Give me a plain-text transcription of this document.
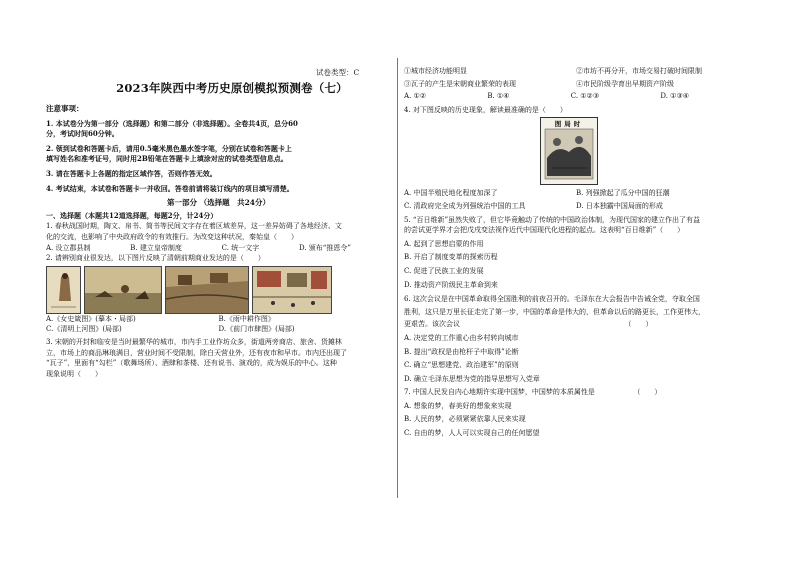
试卷类型：C
2023年陕西中考历史原创模拟预测卷（七）

注意事项：

1. 本试卷分为第一部分（选择题）和第二部分（非选择题）。全卷共4页，总分60

分，考试时间60分钟。

2. 领到试卷和答题卡后，请用0.5毫米黑色墨水签字笔，分别在试卷和答题卡上

填写姓名和准考证号，同时用2B铅笔在答题卡上填涂对应的试卷类型信息点。

3. 请在答题卡上各题的指定区域作答，否则作答无效。

4. 考试结束，本试卷和答题卡一并收回。答卷前请将装订线内的项目填写清楚。

第一部分 （选择题　共24分）

一、选择题（本题共12道选择题，每题2分，计24分）

1. 春秋战国时期，陶文、帛书、简书等民间文字存在着区域差异，这一差异妨碍了各地经济、文

化的交流，也影响了中央政府政令的有效推行。为改变这种状况，秦始皇（　　）

A. 设立郡县制	B. 建立皇帝制度	C. 统一文字	D. 颁布“推恩令”

2. 请辨别商业很发达，以下图片反映了清朝前期商业发达的是（　　）

A.《女史箴图》(摹本・局部)	B.《雨中耕作图》
C.《清明上河图》(局部)	D.《前门市肆图》(局部)

3. 宋朝的开封和临安是当时最繁华的城市，市内手工业作坊众多，街道两旁商店、旅舍、货摊林

立，市场上的商品琳琅满目，营业时间不受限制，除白天营业外，还有夜市和早市。市内还出现了

“瓦子”，里面有“勾栏”（歌舞场所）、酒肆和茶楼、还有说书、演戏的，成为娱乐的中心。这种

现象说明（　　）

①城市经济功能明显	②市坊不再分开，市场交易打破时间限制
③瓦子的产生是宋朝商业繁荣的表现	④市民阶级孕育出早期资产阶级
A. ①②	B. ①④	C. ①②③	D. ①③④

4. 对下图反映的历史现象，解读最准确的是（　　）

图局时
A. 中国半殖民地化程度加深了	B. 列强掀起了瓜分中国的狂潮
C. 清政府完全成为列强统治中国的工具	D. 日本独霸中国局面的形成

5. “百日维新”虽然失败了，但它毕竟触动了传统的中国政治体制，为现代国家的建立作出了有益

的尝试更学界才会把戊戌变法视作近代中国现代化进程的起点。这表明“百日维新”（　　）

A. 起到了思想启蒙的作用

B. 开启了制度变革的探索历程

C. 促进了民族工业的发展

D. 推动资产阶级民主革命到来

6. 这次会议是在中国革命取得全国胜利的前夜召开的。毛泽东在大会报告中告诫全党，夺取全国

胜利，这只是万里长征走完了第一步，中国的革命是伟大的，但革命以后的路更长，工作更伟大，

更艰苦。该次会议　　　　　　　　　　　　　　　　　　　　　　　　（　　）

A. 决定党的工作重心由乡村转向城市

B. 提出“政权是由枪杆子中取得”论断

C. 确立“思想建党、政治建军”的原则

D. 确立毛泽东思想为党的指导思想写入党章

7. 中国人民发自内心地期许实现中国梦，中国梦的本质属性是　　　　　　（　　）

A. 想象的梦，春美好的想象来实现

B. 人民的梦，必须紧紧依靠人民来实现

C. 自由的梦，人人可以实现自己的任何愿望
